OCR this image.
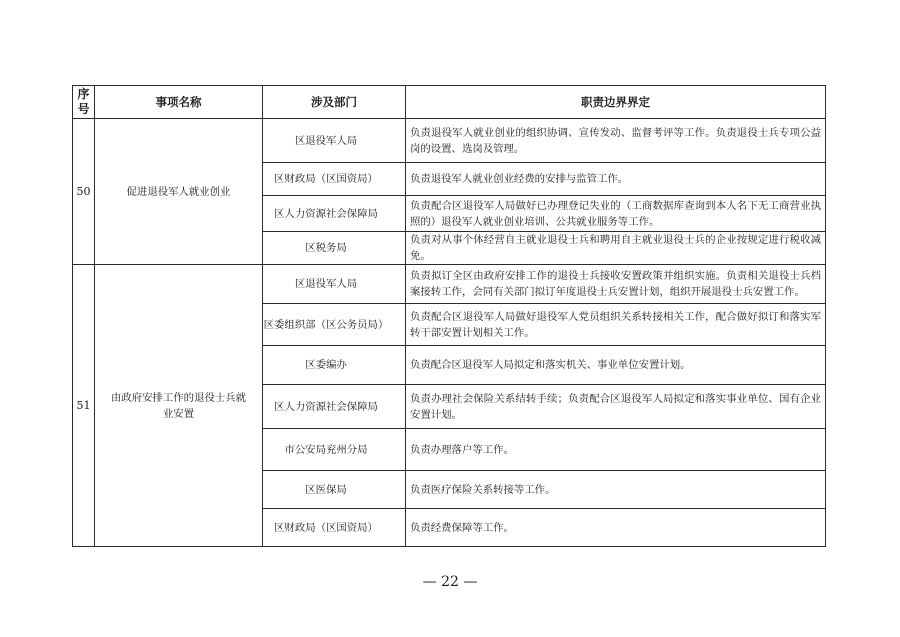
序号	事项名称	涉及部门	职责边界界定
50	促进退役军人就业创业	区退役军人局	负责退役军人就业创业的组织协调、宣传发动、监督考评等工作。负责退役士兵专项公益岗的设置、选岗及管理。
		区财政局（区国资局）	负责退役军人就业创业经费的安排与监管工作。
		区人力资源社会保障局	负责配合区退役军人局做好已办理登记失业的（工商数据库查询到本人名下无工商营业执照的）退役军人就业创业培训、公共就业服务等工作。
		区税务局	负责对从事个体经营自主就业退役士兵和聘用自主就业退役士兵的企业按规定进行税收减免。
51	由政府安排工作的退役士兵就业安置	区退役军人局	负责拟订全区由政府安排工作的退役士兵接收安置政策并组织实施。负责相关退役士兵档案接转工作，会同有关部门拟订年度退役士兵安置计划，组织开展退役士兵安置工作。
		区委组织部（区公务员局）	负责配合区退役军人局做好退役军人党员组织关系转接相关工作，配合做好拟订和落实军转干部安置计划相关工作。
		区委编办	负责配合区退役军人局拟定和落实机关、事业单位安置计划。
		区人力资源社会保障局	负责办理社会保险关系结转手续；负责配合区退役军人局拟定和落实事业单位、国有企业安置计划。
		市公安局兖州分局	负责办理落户等工作。
		区医保局	负责医疗保险关系转接等工作。
		区财政局（区国资局）	负责经费保障等工作。
— 22 —
